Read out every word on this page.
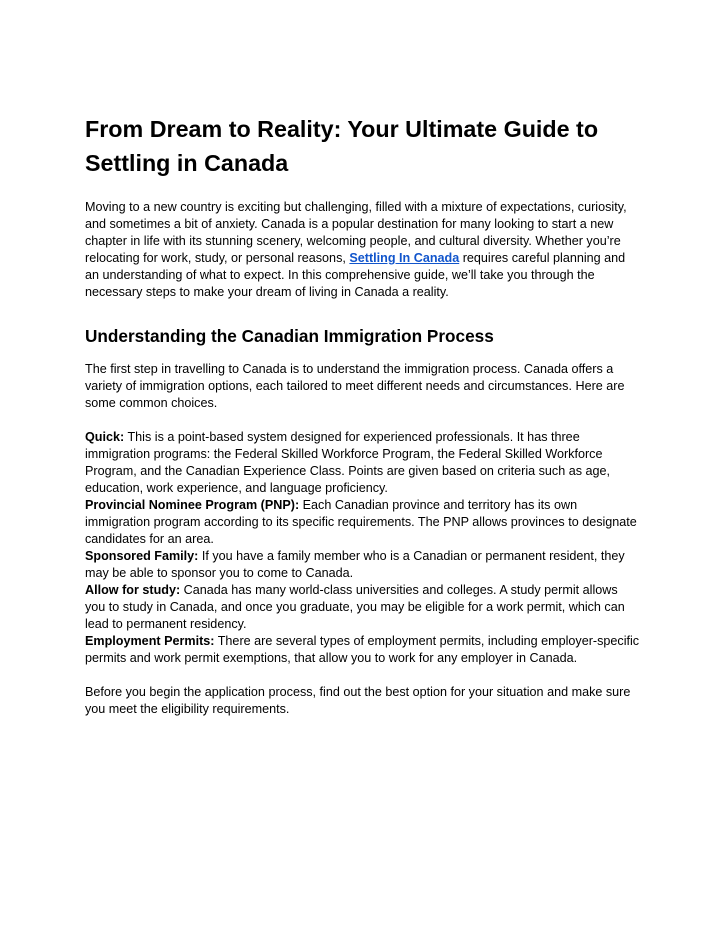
From Dream to Reality: Your Ultimate Guide to Settling in Canada

Moving to a new country is exciting but challenging, filled with a mixture of expectations, curiosity, and sometimes a bit of anxiety. Canada is a popular destination for many looking to start a new chapter in life with its stunning scenery, welcoming people, and cultural diversity. Whether you’re relocating for work, study, or personal reasons, Settling In Canada requires careful planning and an understanding of what to expect. In this comprehensive guide, we’ll take you through the necessary steps to make your dream of living in Canada a reality.

Understanding the Canadian Immigration Process

The first step in travelling to Canada is to understand the immigration process. Canada offers a variety of immigration options, each tailored to meet different needs and circumstances. Here are some common choices.

Quick: This is a point-based system designed for experienced professionals. It has three immigration programs: the Federal Skilled Workforce Program, the Federal Skilled Workforce Program, and the Canadian Experience Class. Points are given based on criteria such as age, education, work experience, and language proficiency.

Provincial Nominee Program (PNP): Each Canadian province and territory has its own immigration program according to its specific requirements. The PNP allows provinces to designate candidates for an area.

Sponsored Family: If you have a family member who is a Canadian or permanent resident, they may be able to sponsor you to come to Canada.

Allow for study: Canada has many world-class universities and colleges. A study permit allows you to study in Canada, and once you graduate, you may be eligible for a work permit, which can lead to permanent residency.

Employment Permits: There are several types of employment permits, including employer-specific permits and work permit exemptions, that allow you to work for any employer in Canada.

Before you begin the application process, find out the best option for your situation and make sure you meet the eligibility requirements.
